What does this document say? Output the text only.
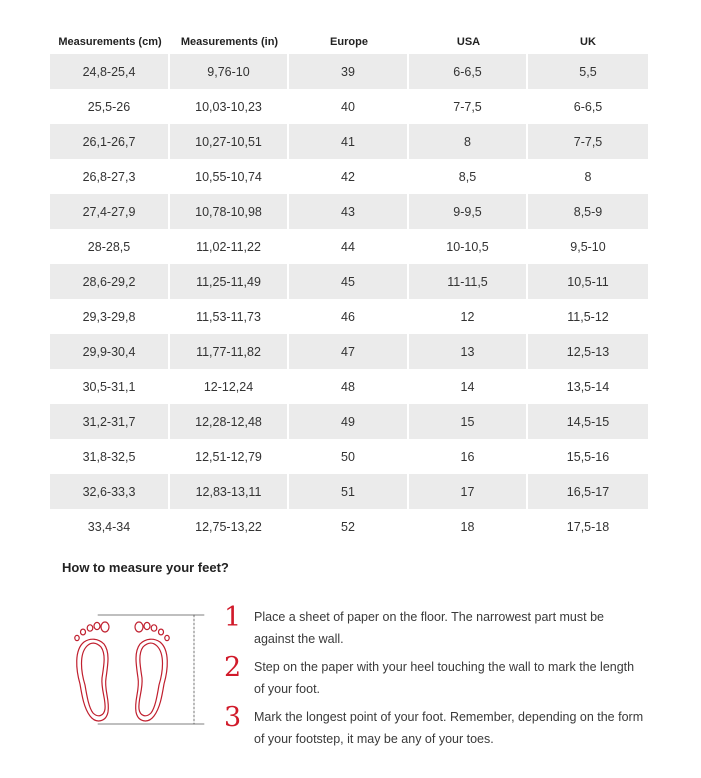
Measurements (cm)	Measurements (in)	Europe	USA	UK
24,8-25,4	9,76-10	39	6-6,5	5,5
25,5-26	10,03-10,23	40	7-7,5	6-6,5
26,1-26,7	10,27-10,51	41	8	7-7,5
26,8-27,3	10,55-10,74	42	8,5	8
27,4-27,9	10,78-10,98	43	9-9,5	8,5-9
28-28,5	11,02-11,22	44	10-10,5	9,5-10
28,6-29,2	11,25-11,49	45	11-11,5	10,5-11
29,3-29,8	11,53-11,73	46	12	11,5-12
29,9-30,4	11,77-11,82	47	13	12,5-13
30,5-31,1	12-12,24	48	14	13,5-14
31,2-31,7	12,28-12,48	49	15	14,5-15
31,8-32,5	12,51-12,79	50	16	15,5-16
32,6-33,3	12,83-13,11	51	17	16,5-17
33,4-34	12,75-13,22	52	18	17,5-18
How to measure your feet?
1 Place a sheet of paper on the floor. The narrowest part must be against the wall.
2 Step on the paper with your heel touching the wall to mark the length of your foot.
3 Mark the longest point of your foot. Remember, depending on the form of your footstep, it may be any of your toes.
